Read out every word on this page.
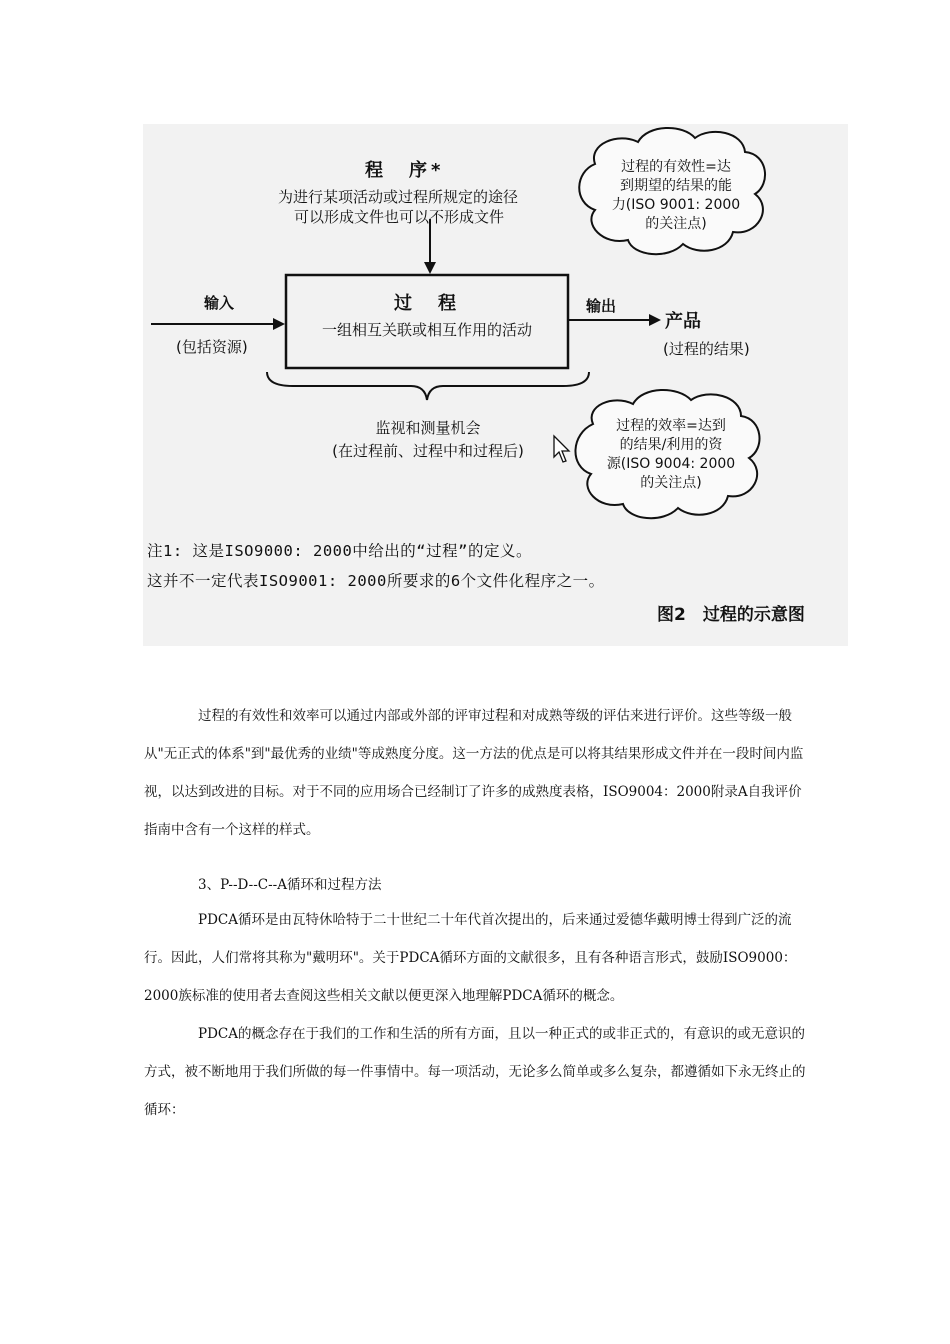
程　序*
为进行某项活动或过程所规定的途径
可以形成文件也可以不形成文件
过程的有效性=达
到期望的结果的能
力(ISO 9001: 2000
的关注点)
输入
(包括资源)
过　程
一组相互关联或相互作用的活动
输出
产品
(过程的结果)
监视和测量机会
(在过程前、过程中和过程后)
过程的效率=达到
的结果/利用的资
源(ISO 9004: 2000
的关注点)
注1: 这是ISO9000: 2000中给出的“过程”的定义。
这并不一定代表ISO9001: 2000所要求的6个文件化程序之一。
图2　过程的示意图

过程的有效性和效率可以通过内部或外部的评审过程和对成熟等级的评估来进行评价。这些等级一般从"无正式的体系"到"最优秀的业绩"等成熟度分度。这一方法的优点是可以将其结果形成文件并在一段时间内监视，以达到改进的目标。对于不同的应用场合已经制订了许多的成熟度表格，ISO9004：2000附录A自我评价指南中含有一个这样的样式。

3、P--D--C--A循环和过程方法

PDCA循环是由瓦特休哈特于二十世纪二十年代首次提出的，后来通过爱德华戴明博士得到广泛的流行。因此，人们常将其称为"戴明环"。关于PDCA循环方面的文献很多，且有各种语言形式，鼓励ISO9000：2000族标准的使用者去查阅这些相关文献以便更深入地理解PDCA循环的概念。

PDCA的概念存在于我们的工作和生活的所有方面，且以一种正式的或非正式的，有意识的或无意识的方式，被不断地用于我们所做的每一件事情中。每一项活动，无论多么简单或多么复杂，都遵循如下永无终止的循环：
